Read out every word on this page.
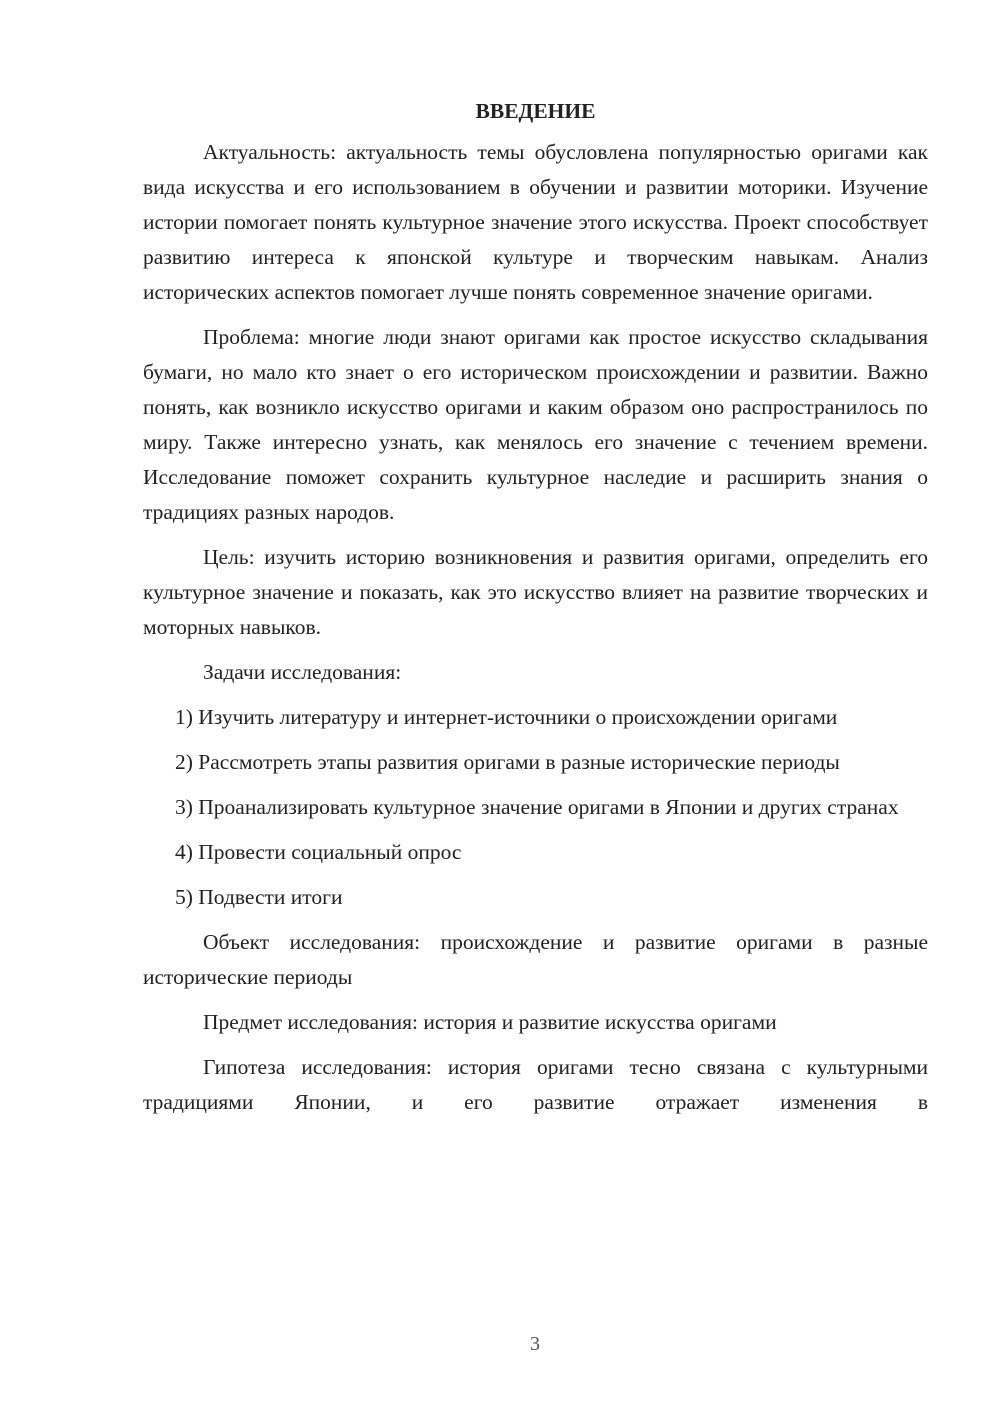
ВВЕДЕНИЕ

Актуальность: актуальность темы обусловлена популярностью оригами как вида искусства и его использованием в обучении и развитии моторики. Изучение истории помогает понять культурное значение этого искусства. Проект способствует развитию интереса к японской культуре и творческим навыкам. Анализ исторических аспектов помогает лучше понять современное значение оригами.

Проблема: многие люди знают оригами как простое искусство складывания бумаги, но мало кто знает о его историческом происхождении и развитии. Важно понять, как возникло искусство оригами и каким образом оно распространилось по миру. Также интересно узнать, как менялось его значение с течением времени. Исследование поможет сохранить культурное наследие и расширить знания о традициях разных народов.

Цель: изучить историю возникновения и развития оригами, определить его культурное значение и показать, как это искусство влияет на развитие творческих и моторных навыков.

Задачи исследования:

1) Изучить литературу и интернет-источники о происхождении оригами

2) Рассмотреть этапы развития оригами в разные исторические периоды

3) Проанализировать культурное значение оригами в Японии и других странах

4) Провести социальный опрос

5) Подвести итоги

Объект исследования: происхождение и развитие оригами в разные исторические периоды

Предмет исследования: история и развитие искусства оригами

Гипотеза исследования: история оригами тесно связана с культурными традициями Японии, и его развитие отражает изменения в

3
